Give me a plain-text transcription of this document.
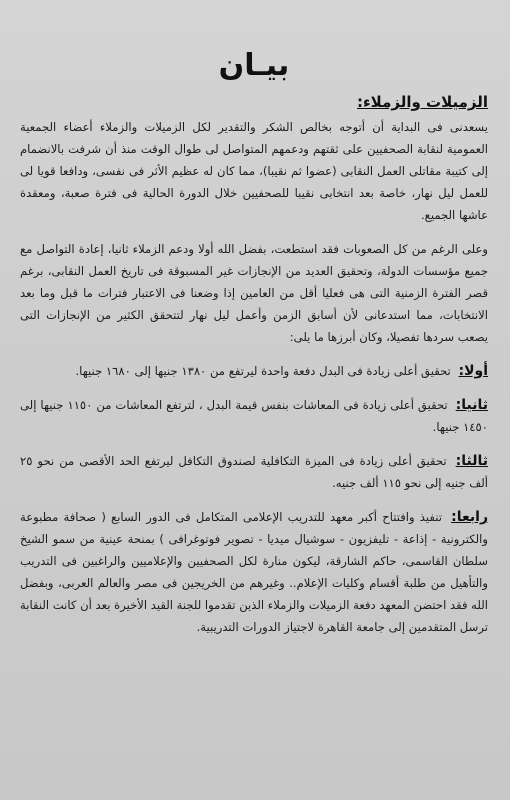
بيـان
الزميلات والزملاء:

يسعدنى فى البداية أن أتوجه بخالص الشكر والتقدير لكل الزميلات والزملاء أعضاء الجمعية العمومية لنقابة الصحفيين على ثقتهم ودعمهم المتواصل لى طوال الوقت منذ أن شرفت بالانضمام إلى كتيبة مقاتلى العمل النقابى (عضوا ثم نقيبا)، مما كان له عظيم الأثر فى نفسى، ودافعا قويا لى للعمل ليل نهار، خاصة بعد انتخابى نقيبا للصحفيين خلال الدورة الحالية فى فترة صعبة، ومعقدة عاشها الجميع.

وعلى الرغم من كل الصعوبات فقد استطعت، بفضل الله أولا ودعم الزملاء ثانيا، إعادة التواصل مع جميع مؤسسات الدولة، وتحقيق العديد من الإنجازات غير المسبوقة فى تاريخ العمل النقابى، برغم قصر الفترة الزمنية التى هى فعليا أقل من العامين إذا وضعنا فى الاعتبار فترات ما قبل وما بعد الانتخابات، مما استدعانى لأن أسابق الزمن وأعمل ليل نهار لتتحقق الكثير من الإنجازات التى يصعب سردها تفصيلا، وكان أبرزها ما يلى:

أولا: تحقيق أعلى زيادة فى البدل دفعة واحدة ليرتفع من ١٣٨٠ جنيها إلى ١٦٨٠ جنيها.
ثانيا: تحقيق أعلى زيادة فى المعاشات بنفس قيمة البدل ، لترتفع المعاشات من ١١٥٠ جنيها إلى ١٤٥٠ جنيها.
ثالثا: تحقيق أعلى زيادة فى الميزة التكافلية لصندوق التكافل ليرتفع الحد الأقصى من نحو ٢٥ ألف جنيه إلى نحو ١١٥ ألف جنيه.
رابعا: تنفيذ وافتتاح أكبر معهد للتدريب الإعلامى المتكامل فى الدور السابع ( صحافة مطبوعة والكترونية - إذاعة - تليفزيون - سوشيال ميديا - تصوير فوتوغرافى ) بمنحة عينية من سمو الشيخ سلطان القاسمى، حاكم الشارقة، ليكون منارة لكل الصحفيين والإعلاميين والراغبين فى التدريب والتأهيل من طلبة أقسام وكليات الإعلام.. وغيرهم من الخريجين فى مصر والعالم العربى، وبفضل الله فقد احتضن المعهد دفعة الزميلات والزملاء الذين تقدموا للجنة القيد الأخيرة بعد أن كانت النقابة ترسل المتقدمين إلى جامعة القاهرة لاجتياز الدورات التدريبية.
